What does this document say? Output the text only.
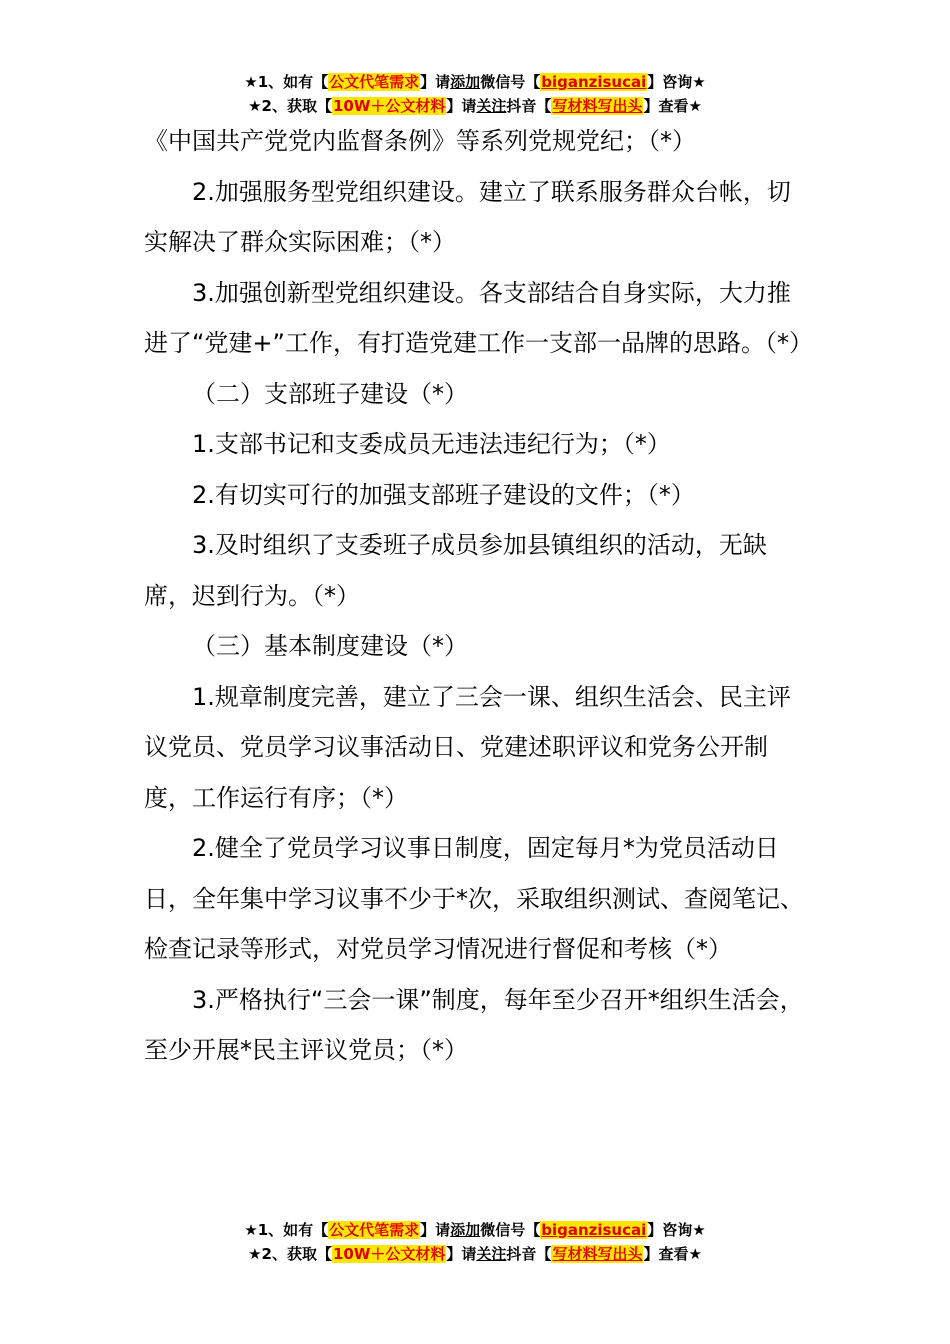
★1、如有【公文代笔需求】请添加微信号【biganzisucai】咨询★
★2、获取【10W＋公文材料】请关注抖音【写材料写出头】查看★

《中国共产党党内监督条例》等系列党规党纪；（*）

2.加强服务型党组织建设。建立了联系服务群众台帐，切实解决了群众实际困难；（*）

3.加强创新型党组织建设。各支部结合自身实际，大力推进了“党建+”工作，有打造党建工作一支部一品牌的思路。（*）

（二）支部班子建设（*）

1.支部书记和支委成员无违法违纪行为；（*）

2.有切实可行的加强支部班子建设的文件；（*）

3.及时组织了支委班子成员参加县镇组织的活动，无缺席，迟到行为。（*）

（三）基本制度建设（*）

1.规章制度完善，建立了三会一课、组织生活会、民主评议党员、党员学习议事活动日、党建述职评议和党务公开制度，工作运行有序；（*）

2.健全了党员学习议事日制度，固定每月*为党员活动日日，全年集中学习议事不少于*次，采取组织测试、查阅笔记、检查记录等形式，对党员学习情况进行督促和考核（*）

3.严格执行“三会一课”制度，每年至少召开*组织生活会，至少开展*民主评议党员；（*）

★1、如有【公文代笔需求】请添加微信号【biganzisucai】咨询★
★2、获取【10W＋公文材料】请关注抖音【写材料写出头】查看★
